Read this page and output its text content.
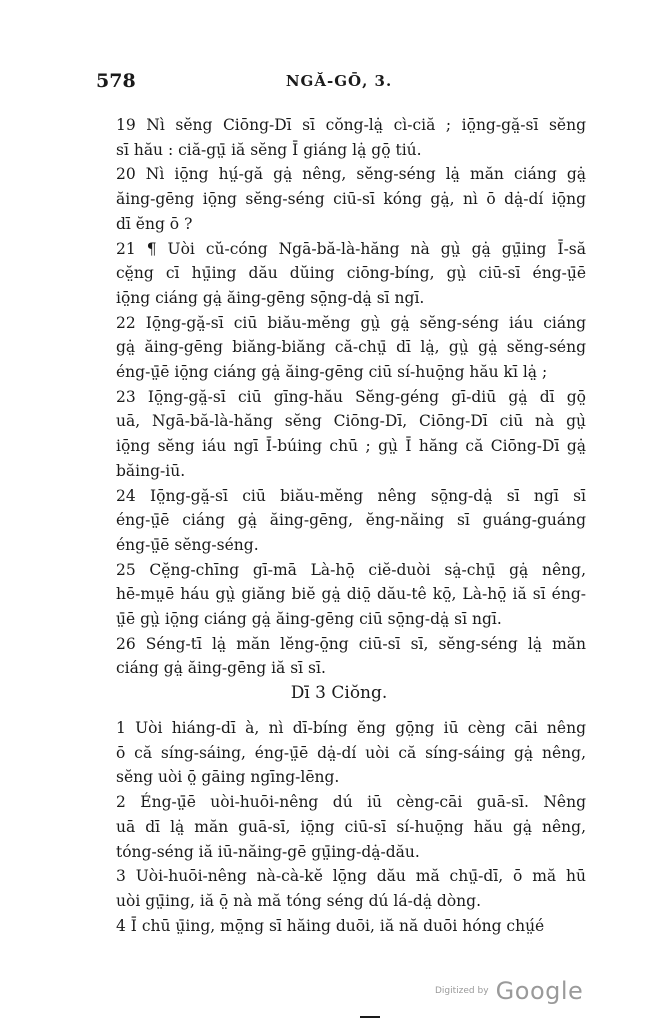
578	NGĂ-GŌ, 3.
19 Nì sĕng Ciōng-Dī sī cŏng-lȧ̤ cì-ciă ; iō̤ng-gă̤-sī sĕng
sī hău : ciă-gṳ̄ iă sĕng Ī giáng lȧ̤ gō̤ tiú.
20 Nì iō̤ng hṳ́-gă gȧ̤ nêng, sĕng-séng lȧ̤ măn ciáng gȧ̤
ăing-gēng iō̤ng sĕng-séng ciū-sī kóng gȧ̤, nì ō dȧ̤-dí iō̤ng
dī ĕng ō ?
21 ¶ Uòi cŭ-cóng Ngā-bă-là-hăng nà gṳ̀ gȧ̤ gṳ̄ing Ī-să
cĕ̤ng cī hṳ̄ing dău dŭing ciōng-bíng, gṳ̀ ciū-sī éng-ṳ̄ē
iō̤ng ciáng gȧ̤ ăing-gēng sō̤ng-dȧ̤ sī ngī.
22 Iō̤ng-gă̤-sī ciū biău-mĕng gṳ̀ gȧ̤ sĕng-séng iáu ciáng
gȧ̤ ăing-gēng biăng-biăng că-chṳ̄ dī lȧ̤, gṳ̀ gȧ̤ sĕng-séng
éng-ṳ̄ē iō̤ng ciáng gȧ̤ ăing-gēng ciū sí-huō̤ng hău kī lȧ̤ ;
23 Iō̤ng-gă̤-sī ciū gīng-hău Sĕng-géng gī-diū gȧ̤ dī gō̤
uā, Ngā-bă-là-hăng sĕng Ciōng-Dī, Ciōng-Dī ciū nà gṳ̀
iō̤ng sĕng iáu ngī Ī-búing chū ; gṳ̀ Ī hăng că Ciōng-Dī gȧ̤
băing-iū.
24 Iō̤ng-gă̤-sī ciū biău-mĕng nêng sō̤ng-dȧ̤ sī ngī sī
éng-ṳ̄ē ciáng gȧ̤ ăing-gēng, ĕng-năing sī guáng-guáng
éng-ṳ̄ē sĕng-séng.
25 Cĕ̤ng-chīng gī-mā Là-hō̤ ciĕ-duòi sȧ̤-chṳ̄ gȧ̤ nêng,
hē-mṳē háu gṳ̀ giăng biĕ gȧ̤ diō̤ dău-tê kō̤, Là-hō̤ iă sī éng-
ṳ̄ē gṳ̀ iō̤ng ciáng gȧ̤ ăing-gēng ciū sō̤ng-dȧ̤ sī ngī.
26 Séng-tī lȧ̤ măn lĕng-ō̤ng ciū-sī sī, sĕng-séng lȧ̤ măn
ciáng gȧ̤ ăing-gēng iă sī sī.
Dī 3 Ciŏng.
1 Uòi hiáng-dī à, nì dī-bíng ĕng gō̤ng iū cèng cāi nêng
ō că síng-sáing, éng-ṳ̄ē dȧ̤-dí uòi că síng-sáing gȧ̤ nêng,
sĕng uòi ō̤ gāing ngīng-lēng.
2 Éng-ṳ̄ē uòi-huōi-nêng dú iū cèng-cāi guā-sī. Nêng
uā dī lȧ̤ măn guā-sī, iō̤ng ciū-sī sí-huō̤ng hău gȧ̤ nêng,
tóng-séng iă iū-năing-gē gṳ̄ing-dȧ̤-dău.
3 Uòi-huōi-nêng nà-cà-kĕ lō̤ng dău mă chṳ̄-dī, ō mă hū
uòi gṳ̄ing, iă ō̤ nà mă tóng séng dú lá-dȧ̤ dòng.
4 Ī chū ṳ̄ing, mō̤ng sī hăing duōi, iă nă duōi hóng chṳ́é
Digitized by Google
